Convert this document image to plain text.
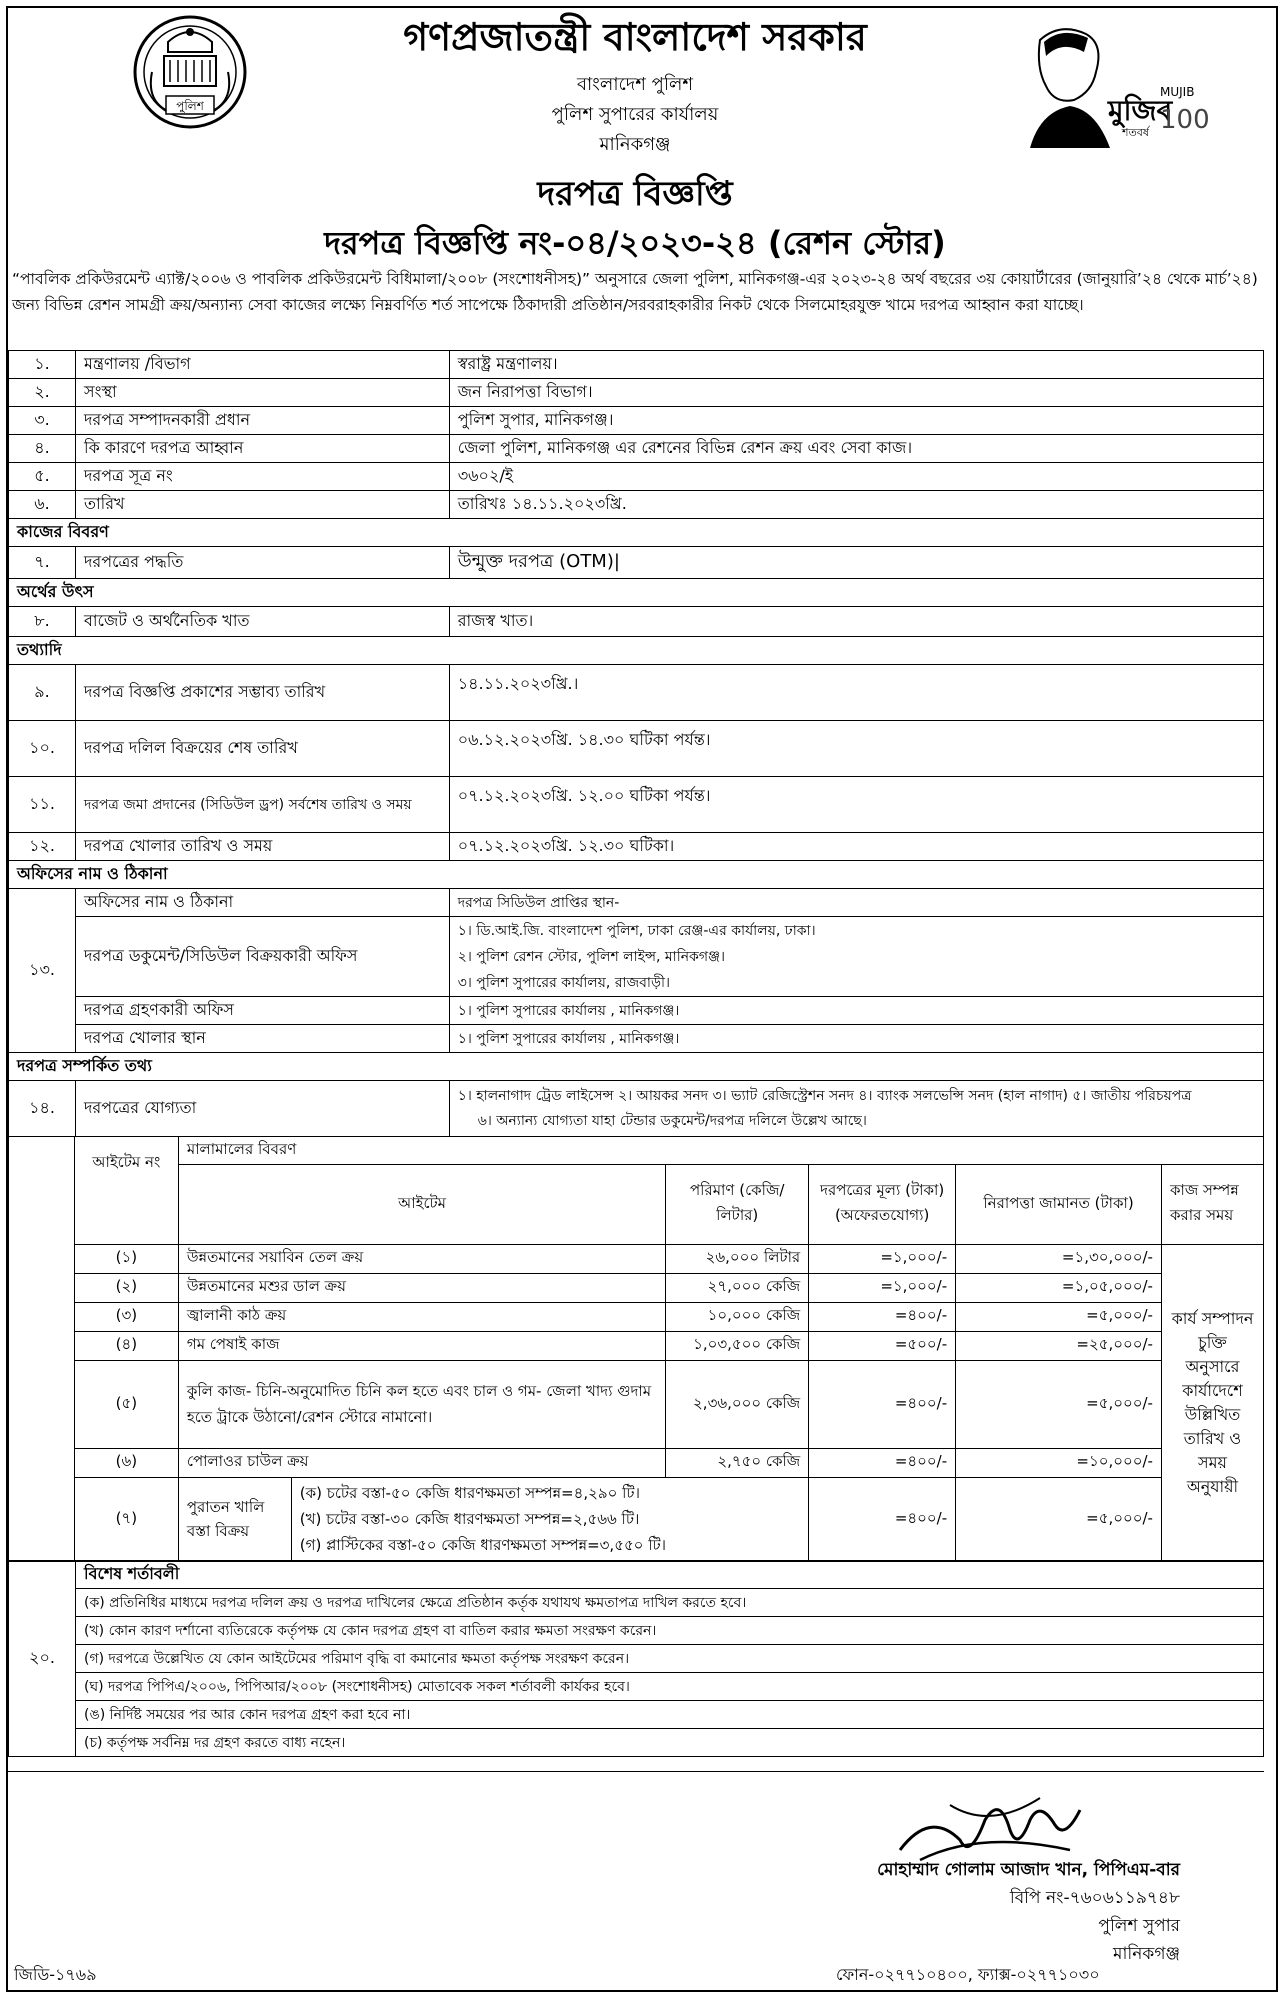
পুলিশ	মুজিব
শতবর্ষ
MUJIB
100
গণপ্রজাতন্ত্রী বাংলাদেশ সরকার
বাংলাদেশ পুলিশ
পুলিশ সুপারের কার্যালয়
মানিকগঞ্জ
দরপত্র বিজ্ঞপ্তি
দরপত্র বিজ্ঞপ্তি নং-০৪/২০২৩-২৪ (রেশন স্টোর)
“পাবলিক প্রকিউরমেন্ট এ্যাক্ট/২০০৬ ও পাবলিক প্রকিউরমেন্ট বিধিমালা/২০০৮ (সংশোধনীসহ)” অনুসারে জেলা পুলিশ, মানিকগঞ্জ-এর ২০২৩-২৪ অর্থ বছরের ৩য় কোয়ার্টারের (জানুয়ারি’২৪ থেকে মার্চ’২৪) জন্য বিভিন্ন রেশন সামগ্রী ক্রয়/অন্যান্য সেবা কাজের লক্ষ্যে নিম্নবর্ণিত শর্ত সাপেক্ষে ঠিকাদারী প্রতিষ্ঠান/সরবরাহকারীর নিকট থেকে সিলমোহরযুক্ত খামে দরপত্র আহ্বান করা যাচ্ছে।
১.	মন্ত্রণালয় /বিভাগ	স্বরাষ্ট্র মন্ত্রণালয়।
২.	সংস্থা	জন নিরাপত্তা বিভাগ।
৩.	দরপত্র সম্পাদনকারী প্রধান	পুলিশ সুপার, মানিকগঞ্জ।
৪.	কি কারণে দরপত্র আহ্বান	জেলা পুলিশ, মানিকগঞ্জ এর রেশনের বিভিন্ন রেশন ক্রয় এবং সেবা কাজ।
৫.	দরপত্র সূত্র নং	৩৬০২/ই
৬.	তারিখ	তারিখঃ ১৪.১১.২০২৩খ্রি.
কাজের বিবরণ		
৭.	দরপত্রের পদ্ধতি	উন্মুক্ত দরপত্র (OTM)|
অর্থের উৎস		
৮.	বাজেট ও অর্থনৈতিক খাত	রাজস্ব খাত।
তথ্যাদি		
৯.	দরপত্র বিজ্ঞপ্তি প্রকাশের সম্ভাব্য তারিখ	১৪.১১.২০২৩খ্রি.।
১০.	দরপত্র দলিল বিক্রয়ের শেষ তারিখ	০৬.১২.২০২৩খ্রি. ১৪.৩০ ঘটিকা পর্যন্ত।
১১.	দরপত্র জমা প্রদানের (সিডিউল ড্রপ) সর্বশেষ তারিখ ও সময়	০৭.১২.২০২৩খ্রি. ১২.০০ ঘটিকা পর্যন্ত।
১২.	দরপত্র খোলার তারিখ ও সময়	০৭.১২.২০২৩খ্রি. ১২.৩০ ঘটিকা।
অফিসের নাম ও ঠিকানা		
১৩.	অফিসের নাম ও ঠিকানা	দরপত্র সিডিউল প্রাপ্তির স্থান-
	দরপত্র ডকুমেন্ট/সিডিউল বিক্রয়কারী অফিস	১। ডি.আই.জি. বাংলাদেশ পুলিশ, ঢাকা রেঞ্জ-এর কার্যালয়, ঢাকা।
২। পুলিশ রেশন স্টোর, পুলিশ লাইন্স, মানিকগঞ্জ।
৩। পুলিশ সুপারের কার্যালয়, রাজবাড়ী।

	দরপত্র গ্রহণকারী অফিস	১। পুলিশ সুপারের কার্যালয় , মানিকগঞ্জ।
	দরপত্র খোলার স্থান	১। পুলিশ সুপারের কার্যালয় , মানিকগঞ্জ।
দরপত্র সম্পর্কিত তথ্য		
১৪.	দরপত্রের যোগ্যতা	১। হালনাগাদ ট্রেড লাইসেন্স ২। আয়কর সনদ ৩। ভ্যাট রেজিস্ট্রেশন সনদ ৪। ব্যাংক সলভেন্সি সনদ (হাল নাগাদ) ৫। জাতীয় পরিচয়পত্র
৬। অন্যান্য যোগ্যতা যাহা টেন্ডার ডকুমেন্ট/দরপত্র দলিলে উল্লেখ আছে।
	আইটেম নং	মালামালের বিবরণ					
		আইটেম		পরিমাণ (কেজি/লিটার)	দরপত্রের মূল্য (টাকা) (অফেরতযোগ্য)	নিরাপত্তা জামানত (টাকা)	কাজ সম্পন্ন করার সময়
	(১)	উন্নতমানের সয়াবিন তেল ক্রয়		২৬,০০০ লিটার	=১,০০০/-	=১,৩০,০০০/-	কার্য সম্পাদন চুক্তি অনুসারে কার্যাদেশে উল্লিখিত তারিখ ও সময় অনুযায়ী
	(২)	উন্নতমানের মশুর ডাল ক্রয়		২৭,০০০ কেজি	=১,০০০/-	=১,০৫,০০০/-	
	(৩)	জ্বালানী কাঠ ক্রয়		১০,০০০ কেজি	=৪০০/-	=৫,০০০/-	
	(৪)	গম পেষাই কাজ		১,০৩,৫০০ কেজি	=৫০০/-	=২৫,০০০/-	
	(৫)	কুলি কাজ- চিনি-অনুমোদিত চিনি কল হতে এবং চাল ও গম- জেলা খাদ্য গুদাম হতে ট্রাকে উঠানো/রেশন স্টোরে নামানো।		২,৩৬,০০০ কেজি	=৪০০/-	=৫,০০০/-	
	(৬)	পোলাওর চাউল ক্রয়		২,৭৫০ কেজি	=৪০০/-	=১০,০০০/-	
	(৭)	পুরাতন খালি বস্তা বিক্রয়	(ক) চটের বস্তা-৫০ কেজি ধারণক্ষমতা সম্পন্ন=৪,২৯০ টি।
(খ) চটের বস্তা-৩০ কেজি ধারণক্ষমতা সম্পন্ন=২,৫৬৬ টি।
(গ) প্লাস্টিকের বস্তা-৫০ কেজি ধারণক্ষমতা সম্পন্ন=৩,৫৫০ টি।		=৪০০/-	=৫,০০০/-	
২০.	বিশেষ শর্তাবলী
(ক) প্রতিনিধির মাধ্যমে দরপত্র দলিল ক্রয় ও দরপত্র দাখিলের ক্ষেত্রে প্রতিষ্ঠান কর্তৃক যথাযথ ক্ষমতাপত্র দাখিল করতে হবে।
(খ) কোন কারণ দর্শানো ব্যতিরেকে কর্তৃপক্ষ যে কোন দরপত্র গ্রহণ বা বাতিল করার ক্ষমতা সংরক্ষণ করেন।
(গ) দরপত্রে উল্লেখিত যে কোন আইটেমের পরিমাণ বৃদ্ধি বা কমানোর ক্ষমতা কর্তৃপক্ষ সংরক্ষণ করেন।
(ঘ) দরপত্র পিপিএ/২০০৬, পিপিআর/২০০৮ (সংশোধনীসহ) মোতাবেক সকল শর্তাবলী কার্যকর হবে।
(ঙ) নির্দিষ্ট সময়ের পর আর কোন দরপত্র গ্রহণ করা হবে না।
(চ) কর্তৃপক্ষ সর্বনিম্ন দর গ্রহণ করতে বাধ্য নহেন।
মোহাম্মাদ গোলাম আজাদ খান, পিপিএম-বার
বিপি নং-৭৬০৬১১৯৭৪৮
পুলিশ সুপার
মানিকগঞ্জ
জিডি-১৭৬৯	ফোন-০২৭৭১০৪০০, ফ্যাক্স-০২৭৭১০৩০
